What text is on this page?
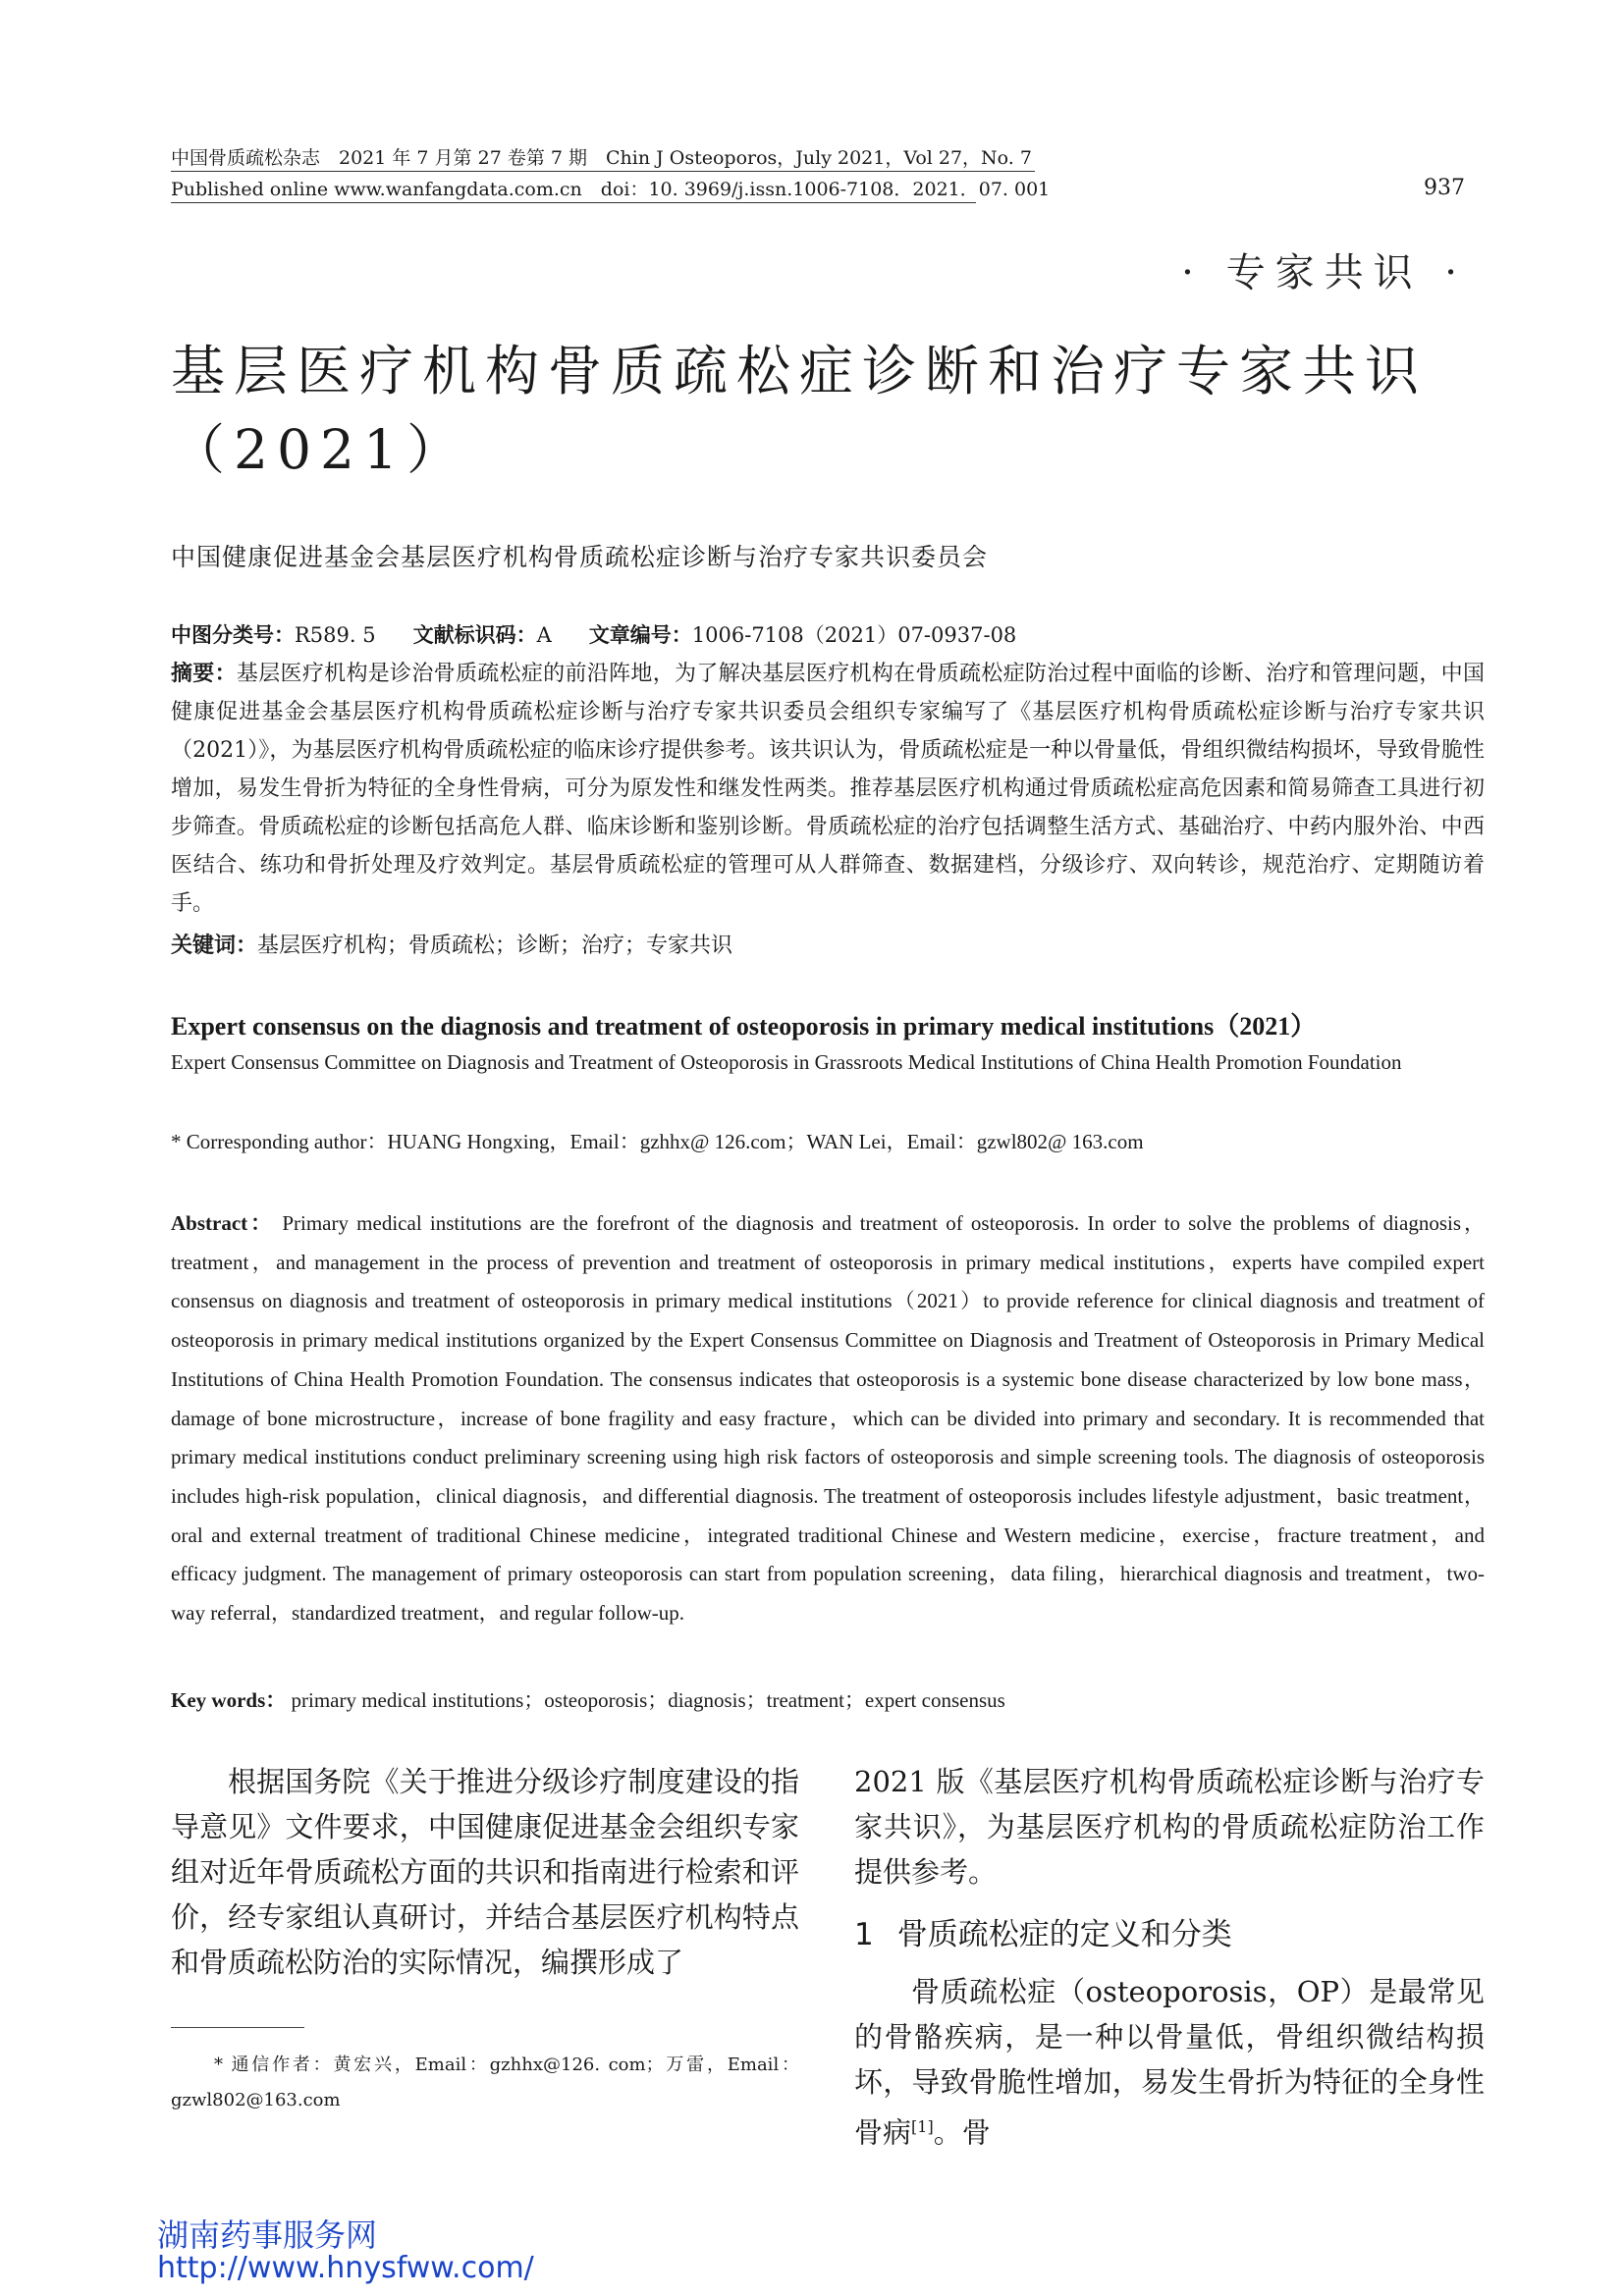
中国骨质疏松杂志　2021 年 7 月第 27 卷第 7 期　Chin J Osteoporos，July 2021，Vol 27，No. 7
Published online www.wanfangdata.com.cn　doi：10. 3969/j.issn.1006-7108．2021．07. 001	937
· 专家共识 ·
基层医疗机构骨质疏松症诊断和治疗专家共识（2021）
中国健康促进基金会基层医疗机构骨质疏松症诊断与治疗专家共识委员会
中图分类号：R589. 5 文献标识码：A 文章编号：1006-7108（2021）07-0937-08
摘要：基层医疗机构是诊治骨质疏松症的前沿阵地，为了解决基层医疗机构在骨质疏松症防治过程中面临的诊断、治疗和管理问题，中国健康促进基金会基层医疗机构骨质疏松症诊断与治疗专家共识委员会组织专家编写了《基层医疗机构骨质疏松症诊断与治疗专家共识（2021）》，为基层医疗机构骨质疏松症的临床诊疗提供参考。该共识认为，骨质疏松症是一种以骨量低，骨组织微结构损坏，导致骨脆性增加，易发生骨折为特征的全身性骨病，可分为原发性和继发性两类。推荐基层医疗机构通过骨质疏松症高危因素和简易筛查工具进行初步筛查。骨质疏松症的诊断包括高危人群、临床诊断和鉴别诊断。骨质疏松症的治疗包括调整生活方式、基础治疗、中药内服外治、中西医结合、练功和骨折处理及疗效判定。基层骨质疏松症的管理可从人群筛查、数据建档，分级诊疗、双向转诊，规范治疗、定期随访着手。
关键词：基层医疗机构；骨质疏松；诊断；治疗；专家共识
Expert consensus on the diagnosis and treatment of osteoporosis in primary medical institutions（2021）
Expert Consensus Committee on Diagnosis and Treatment of Osteoporosis in Grassroots Medical Institutions of China Health Promotion Foundation
* Corresponding author：HUANG Hongxing，Email：gzhhx@ 126.com；WAN Lei，Email：gzwl802@ 163.com
Abstract： Primary medical institutions are the forefront of the diagnosis and treatment of osteoporosis. In order to solve the problems of diagnosis，treatment，and management in the process of prevention and treatment of osteoporosis in primary medical institutions，experts have compiled expert consensus on diagnosis and treatment of osteoporosis in primary medical institutions（2021）to provide reference for clinical diagnosis and treatment of osteoporosis in primary medical institutions organized by the Expert Consensus Committee on Diagnosis and Treatment of Osteoporosis in Primary Medical Institutions of China Health Promotion Foundation. The consensus indicates that osteoporosis is a systemic bone disease characterized by low bone mass，damage of bone microstructure，increase of bone fragility and easy fracture，which can be divided into primary and secondary. It is recommended that primary medical institutions conduct preliminary screening using high risk factors of osteoporosis and simple screening tools. The diagnosis of osteoporosis includes high-risk population，clinical diagnosis，and differential diagnosis. The treatment of osteoporosis includes lifestyle adjustment，basic treatment，oral and external treatment of traditional Chinese medicine，integrated traditional Chinese and Western medicine，exercise，fracture treatment，and efficacy judgment. The management of primary osteoporosis can start from population screening，data filing，hierarchical diagnosis and treatment，two-way referral，standardized treatment，and regular follow-up.
Key words： primary medical institutions；osteoporosis；diagnosis；treatment；expert consensus

根据国务院《关于推进分级诊疗制度建设的指导意见》文件要求，中国健康促进基金会组织专家组对近年骨质疏松方面的共识和指南进行检索和评价，经专家组认真研讨，并结合基层医疗机构特点和骨质疏松防治的实际情况，编撰形成了

2021 版《基层医疗机构骨质疏松症诊断与治疗专家共识》，为基层医疗机构的骨质疏松症防治工作提供参考。

1 骨质疏松症的定义和分类

骨质疏松症（osteoporosis，OP）是最常见的骨骼疾病，是一种以骨量低，骨组织微结构损坏，导致骨脆性增加，易发生骨折为特征的全身性骨病[1]。骨

* 通信作者：黄宏兴，Email：gzhhx@126. com；万雷，Email：gzwl802@163.com
湖南药事服务网
http://www.hnysfww.com/
